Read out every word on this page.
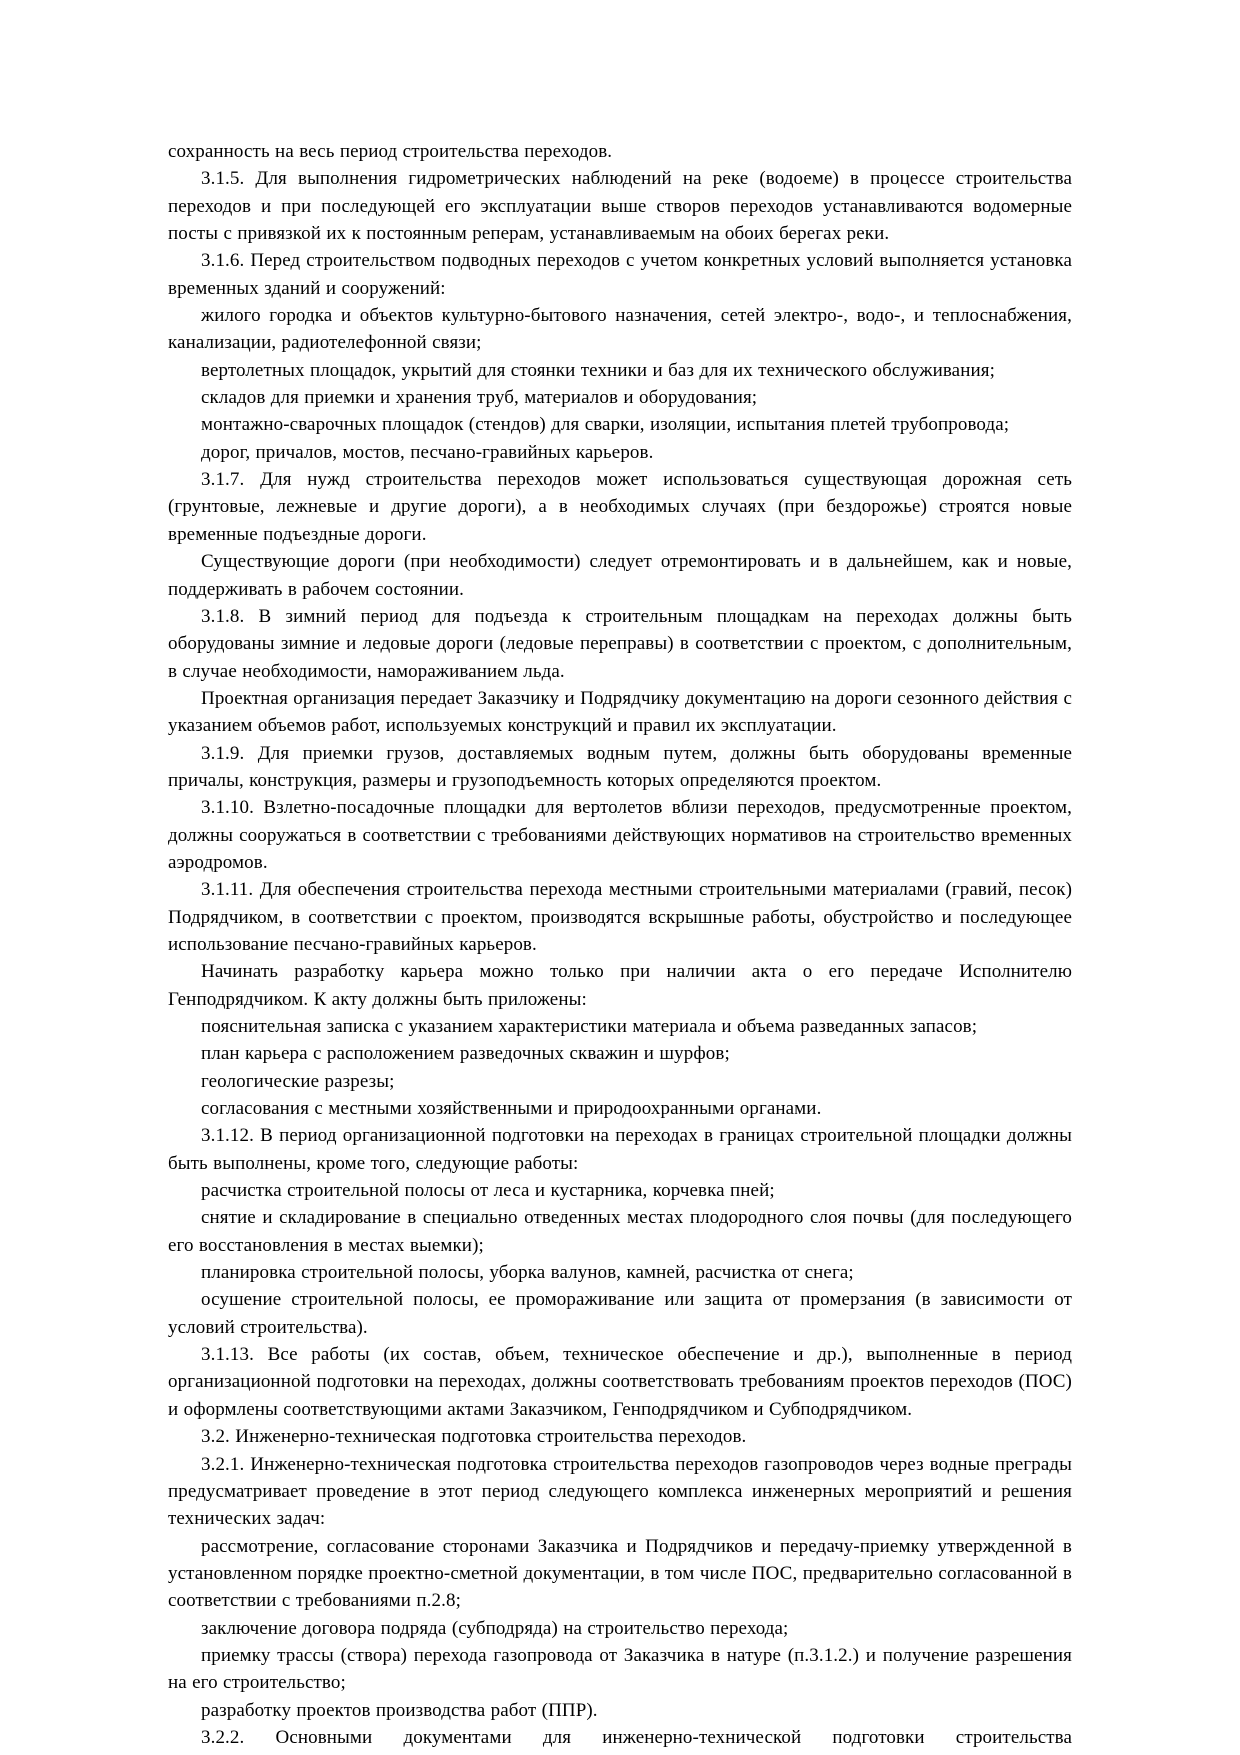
сохранность на весь период строительства переходов.

3.1.5. Для выполнения гидрометрических наблюдений на реке (водоеме) в процессе строительства переходов и при последующей его эксплуатации выше створов переходов устанавливаются водомерные посты с привязкой их к постоянным реперам, устанавливаемым на обоих берегах реки.

3.1.6. Перед строительством подводных переходов с учетом конкретных условий выполняется установка временных зданий и сооружений:

жилого городка и объектов культурно-бытового назначения, сетей электро-, водо-, и теплоснабжения, канализации, радиотелефонной связи;

вертолетных площадок, укрытий для стоянки техники и баз для их технического обслуживания;

складов для приемки и хранения труб, материалов и оборудования;

монтажно-сварочных площадок (стендов) для сварки, изоляции, испытания плетей трубопровода;

дорог, причалов, мостов, песчано-гравийных карьеров.

3.1.7. Для нужд строительства переходов может использоваться существующая дорожная сеть (грунтовые, лежневые и другие дороги), а в необходимых случаях (при бездорожье) строятся новые временные подъездные дороги.

Существующие дороги (при необходимости) следует отремонтировать и в дальнейшем, как и новые, поддерживать в рабочем состоянии.

3.1.8. В зимний период для подъезда к строительным площадкам на переходах должны быть оборудованы зимние и ледовые дороги (ледовые переправы) в соответствии с проектом, с дополнительным, в случае необходимости, намораживанием льда.

Проектная организация передает Заказчику и Подрядчику документацию на дороги сезонного действия с указанием объемов работ, используемых конструкций и правил их эксплуатации.

3.1.9. Для приемки грузов, доставляемых водным путем, должны быть оборудованы временные причалы, конструкция, размеры и грузоподъемность которых определяются проектом.

3.1.10. Взлетно-посадочные площадки для вертолетов вблизи переходов, предусмотренные проектом, должны сооружаться в соответствии с требованиями действующих нормативов на строительство временных аэродромов.

3.1.11. Для обеспечения строительства перехода местными строительными материалами (гравий, песок) Подрядчиком, в соответствии с проектом, производятся вскрышные работы, обустройство и последующее использование песчано-гравийных карьеров.

Начинать разработку карьера можно только при наличии акта о его передаче Исполнителю Генподрядчиком. К акту должны быть приложены:

пояснительная записка с указанием характеристики материала и объема разведанных запасов;

план карьера с расположением разведочных скважин и шурфов;

геологические разрезы;

согласования с местными хозяйственными и природоохранными органами.

3.1.12. В период организационной подготовки на переходах в границах строительной площадки должны быть выполнены, кроме того, следующие работы:

расчистка строительной полосы от леса и кустарника, корчевка пней;

снятие и складирование в специально отведенных местах плодородного слоя почвы (для последующего его восстановления в местах выемки);

планировка строительной полосы, уборка валунов, камней, расчистка от снега;

осушение строительной полосы, ее промораживание или защита от промерзания (в зависимости от условий строительства).

3.1.13. Все работы (их состав, объем, техническое обеспечение и др.), выполненные в период организационной подготовки на переходах, должны соответствовать требованиям проектов переходов (ПОС) и оформлены соответствующими актами Заказчиком, Генподрядчиком и Субподрядчиком.

3.2. Инженерно-техническая подготовка строительства переходов.

3.2.1. Инженерно-техническая подготовка строительства переходов газопроводов через водные преграды предусматривает проведение в этот период следующего комплекса инженерных мероприятий и решения технических задач:

рассмотрение, согласование сторонами Заказчика и Подрядчиков и передачу-приемку утвержденной в установленном порядке проектно-сметной документации, в том числе ПОС, предварительно согласованной в соответствии с требованиями п.2.8;

заключение договора подряда (субподряда) на строительство перехода;

приемку трассы (створа) перехода газопровода от Заказчика в натуре (п.3.1.2.) и получение разрешения на его строительство;

разработку проектов производства работ (ППР).

3.2.2. Основными документами для инженерно-технической подготовки строительства
